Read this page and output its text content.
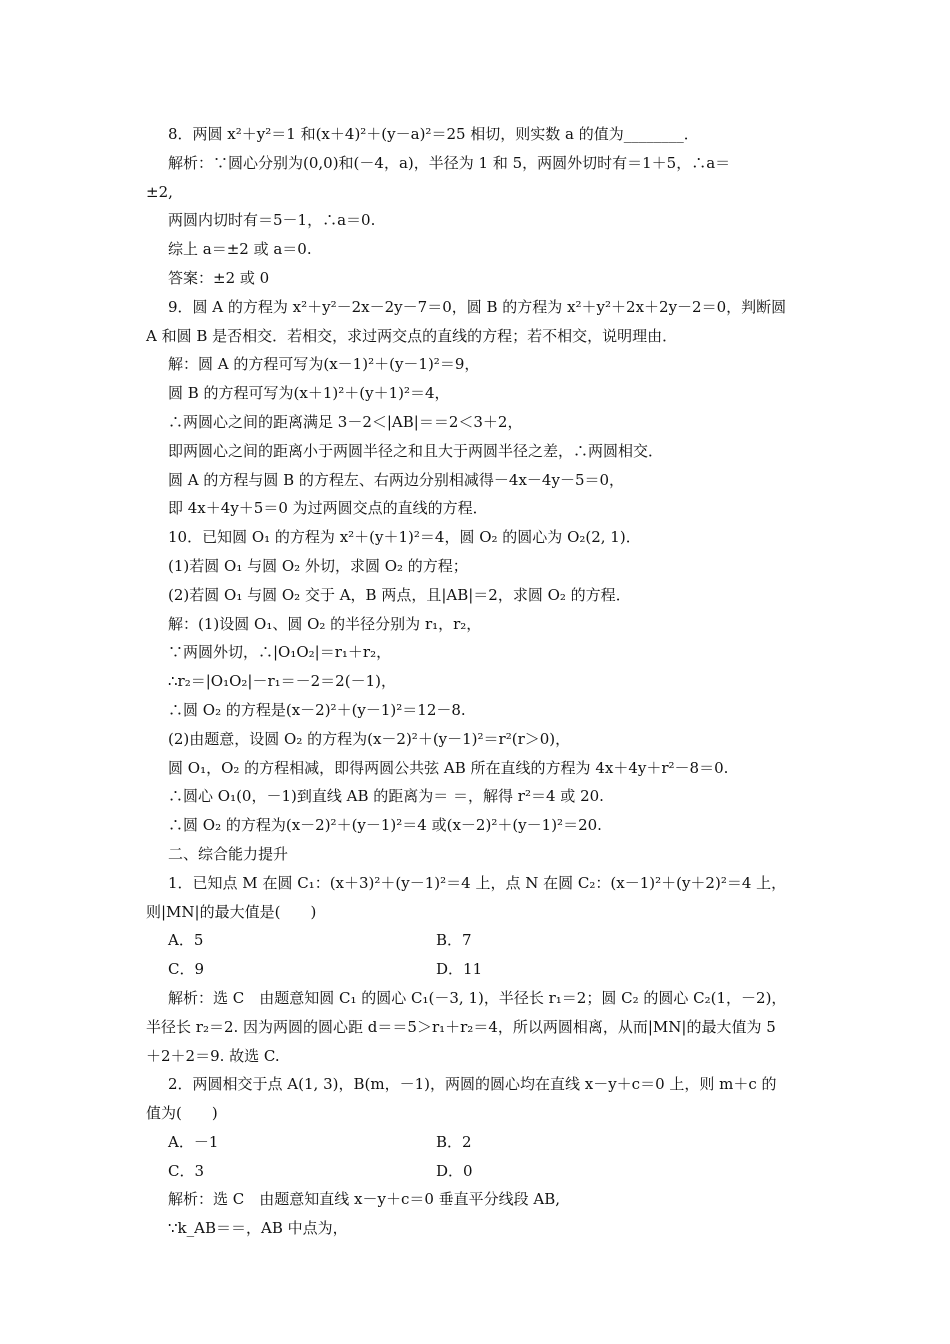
8．两圆 x²＋y²＝1 和(x＋4)²＋(y－a)²＝25 相切，则实数 a 的值为________．
解析：∵圆心分别为(0,0)和(－4，a)，半径为 1 和 5，两圆外切时有＝1＋5，∴a＝
±2,
两圆内切时有＝5－1，∴a＝0.
综上 a＝±2 或 a＝0.
答案：±2 或 0
9．圆 A 的方程为 x²＋y²－2x－2y－7＝0，圆 B 的方程为 x²＋y²＋2x＋2y－2＝0，判断圆
A 和圆 B 是否相交．若相交，求过两交点的直线的方程；若不相交，说明理由．
解：圆 A 的方程可写为(x－1)²＋(y－1)²＝9，
圆 B 的方程可写为(x＋1)²＋(y＋1)²＝4，
∴两圆心之间的距离满足 3－2＜|AB|＝＝2＜3＋2，
即两圆心之间的距离小于两圆半径之和且大于两圆半径之差，∴两圆相交．
圆 A 的方程与圆 B 的方程左、右两边分别相减得－4x－4y－5＝0，
即 4x＋4y＋5＝0 为过两圆交点的直线的方程．
10．已知圆 O₁ 的方程为 x²＋(y＋1)²＝4，圆 O₂ 的圆心为 O₂(2, 1)．
(1)若圆 O₁ 与圆 O₂ 外切，求圆 O₂ 的方程；
(2)若圆 O₁ 与圆 O₂ 交于 A，B 两点，且|AB|＝2，求圆 O₂ 的方程．
解：(1)设圆 O₁、圆 O₂ 的半径分别为 r₁，r₂，
∵两圆外切，∴|O₁O₂|＝r₁＋r₂，
∴r₂＝|O₁O₂|－r₁＝－2＝2(－1)，
∴圆 O₂ 的方程是(x－2)²＋(y－1)²＝12－8.
(2)由题意，设圆 O₂ 的方程为(x－2)²＋(y－1)²＝r²(r＞0)，
圆 O₁，O₂ 的方程相减，即得两圆公共弦 AB 所在直线的方程为 4x＋4y＋r²－8＝0.
∴圆心 O₁(0，－1)到直线 AB 的距离为＝ ＝，解得 r²＝4 或 20.
∴圆 O₂ 的方程为(x－2)²＋(y－1)²＝4 或(x－2)²＋(y－1)²＝20.
二、综合能力提升
1．已知点 M 在圆 C₁：(x＋3)²＋(y－1)²＝4 上，点 N 在圆 C₂：(x－1)²＋(y＋2)²＝4 上，
则|MN|的最大值是(　　)
A．5	B．7
C．9	D．11
解析：选 C　由题意知圆 C₁ 的圆心 C₁(－3, 1)，半径长 r₁＝2；圆 C₂ 的圆心 C₂(1，－2)，
半径长 r₂＝2. 因为两圆的圆心距 d＝＝5＞r₁＋r₂＝4，所以两圆相离，从而|MN|的最大值为 5
＋2＋2＝9. 故选 C.
2．两圆相交于点 A(1, 3)，B(m，－1)，两圆的圆心均在直线 x－y＋c＝0 上，则 m＋c 的
值为(　　)
A．－1	B．2
C．3	D．0
解析：选 C　由题意知直线 x－y＋c＝0 垂直平分线段 AB,
∵k_AB＝＝，AB 中点为，
